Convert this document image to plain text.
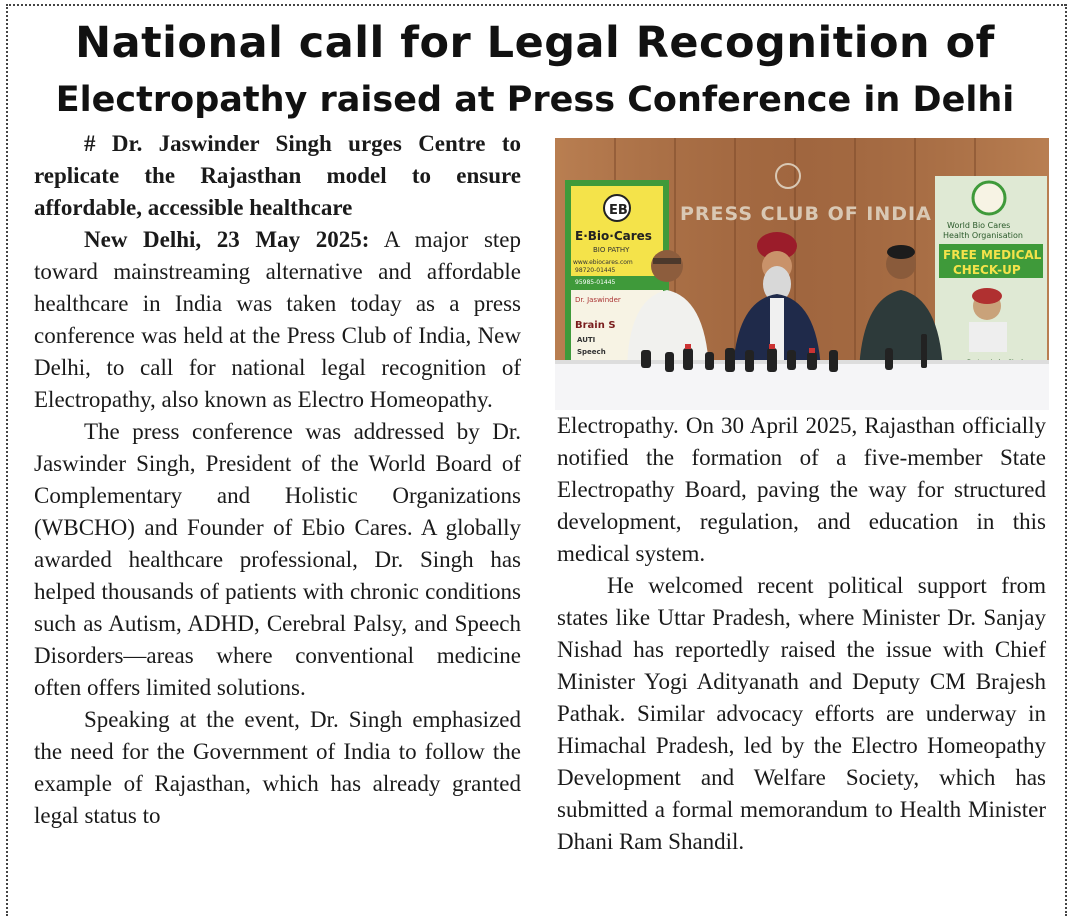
National call for Legal Recognition of
Electropathy raised at Press Conference in Delhi

# Dr. Jaswinder Singh urges Centre to replicate the Rajasthan model to ensure affordable, accessible healthcare

New Delhi, 23 May 2025: A major step toward mainstreaming alternative and affordable healthcare in India was taken today as a press conference was held at the Press Club of India, New Delhi, to call for national legal recognition of Electropathy, also known as Electro Homeopathy.

The press conference was addressed by Dr. Jaswinder Singh, President of the World Board of Complementary and Holistic Organizations (WBCHO) and Founder of Ebio Cares. A globally awarded healthcare professional, Dr. Singh has helped thousands of patients with chronic conditions such as Autism, ADHD, Cerebral Palsy, and Speech Disorders—areas where conventional medicine often offers limited solutions.

Speaking at the event, Dr. Singh emphasized the need for the Government of India to follow the example of Rajasthan, which has already granted legal status to

PRESS CLUB OF INDIA
EB
E·Bio·Cares
BIO PATHY
www.ebiocares.com
98720-01445
95985-01445
Dr. Jaswinder
Brain S
AUTI
Speech
World Bio Cares
Health Organisation
FREE MEDICAL
CHECK-UP

Electropathy. On 30 April 2025, Rajasthan officially notified the formation of a five-member State Electropathy Board, paving the way for structured development, regulation, and education in this medical system.

He welcomed recent political support from states like Uttar Pradesh, where Minister Dr. Sanjay Nishad has reportedly raised the issue with Chief Minister Yogi Adityanath and Deputy CM Brajesh Pathak. Similar advocacy efforts are underway in Himachal Pradesh, led by the Electro Homeopathy Development and Welfare Society, which has submitted a formal memorandum to Health Minister Dhani Ram Shandil.
